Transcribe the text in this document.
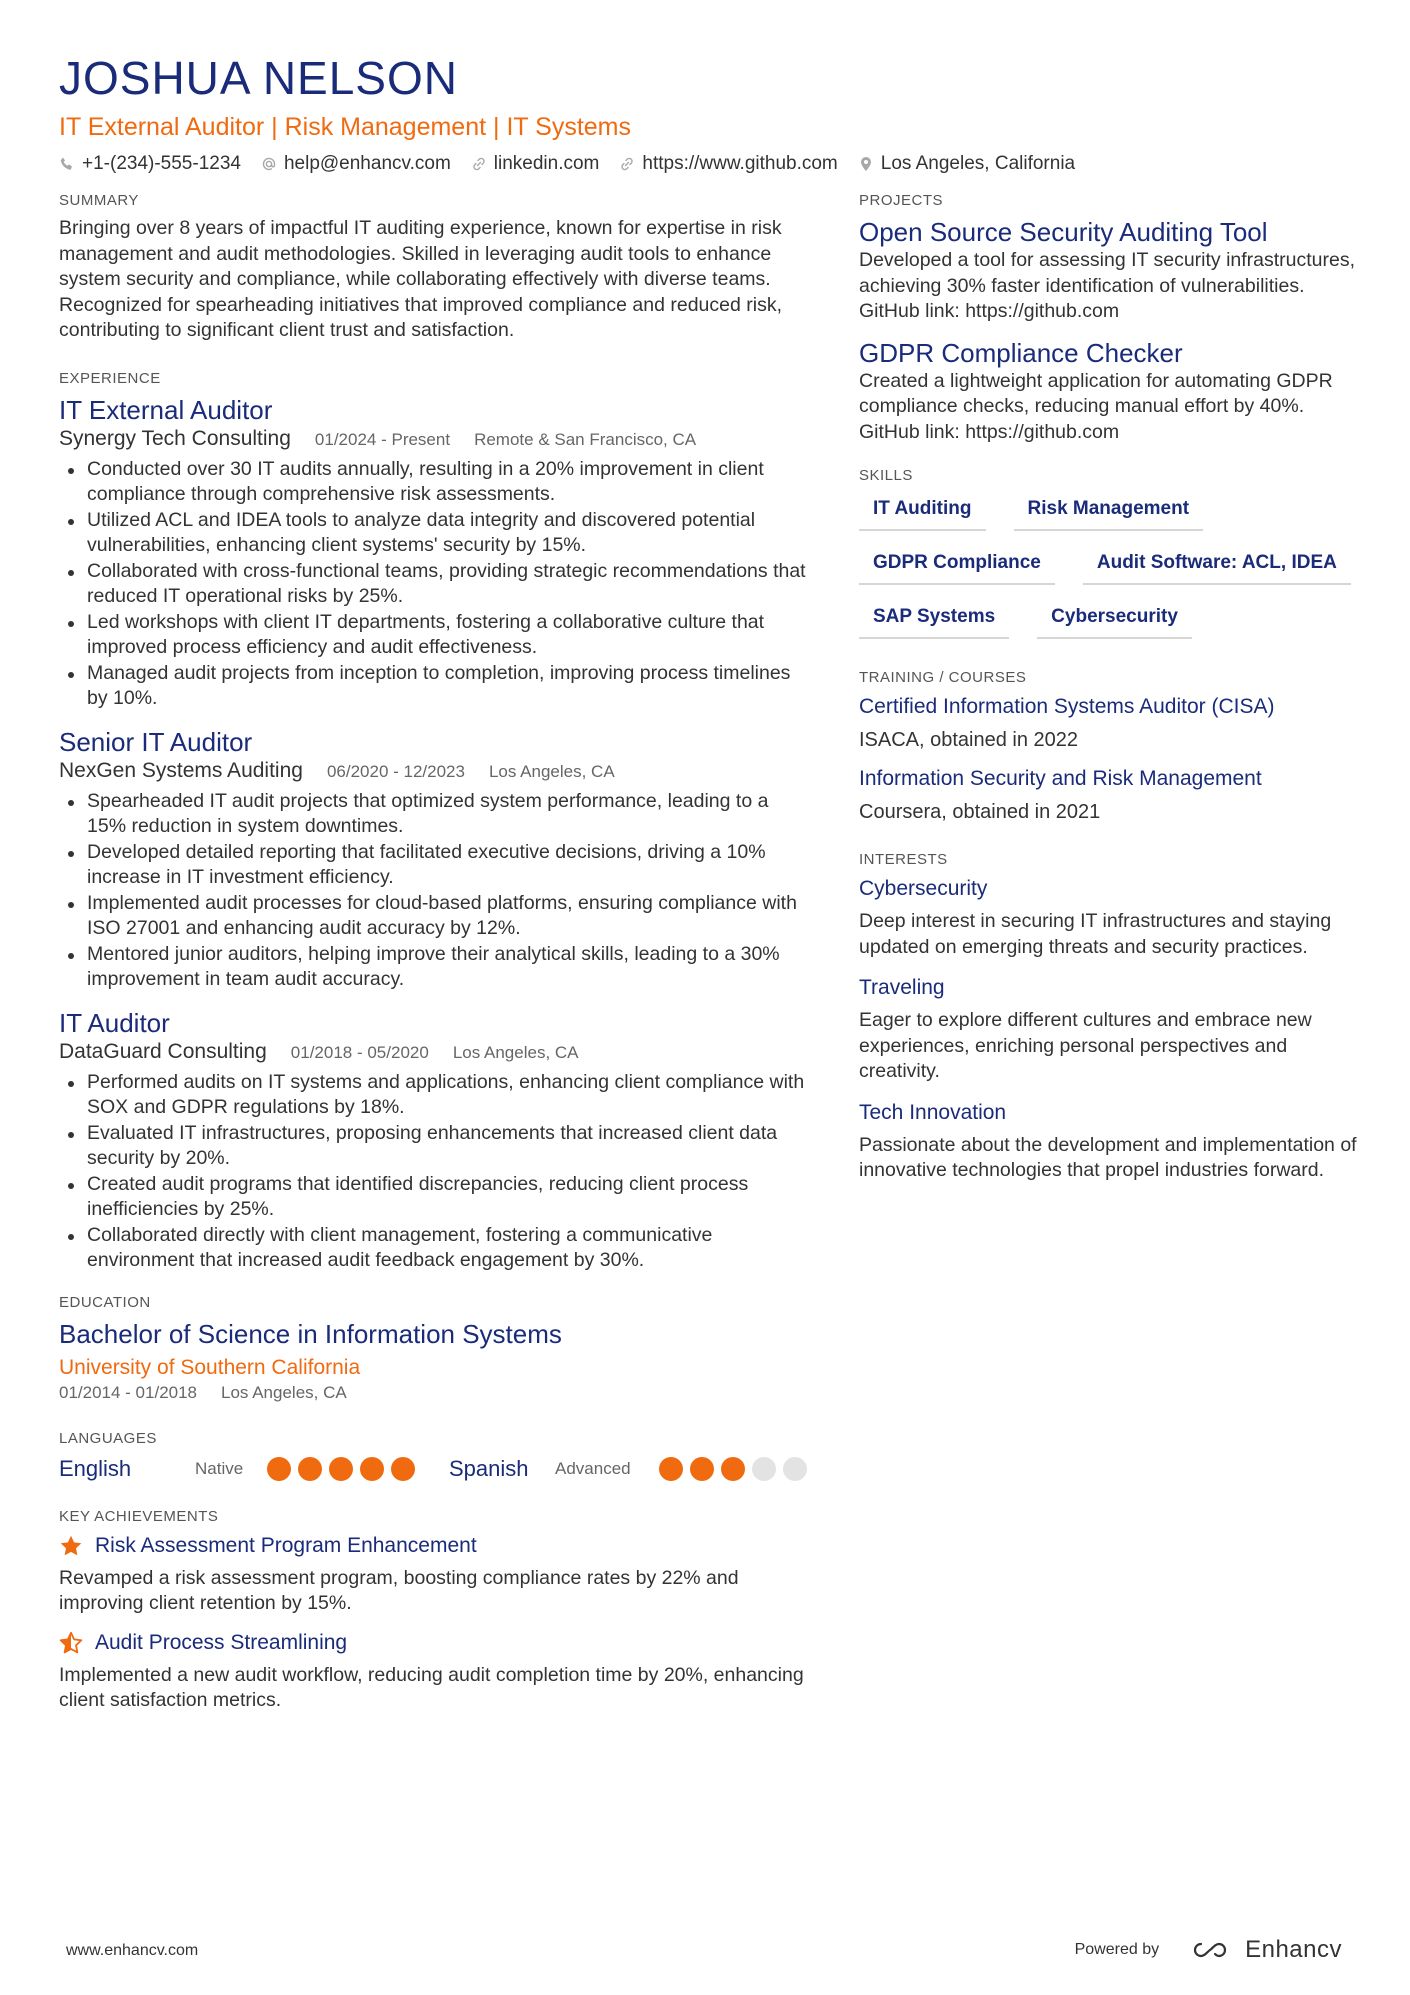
JOSHUA NELSON
IT External Auditor | Risk Management | IT Systems
+1-(234)-555-1234 help@enhancv.com linkedin.com https://www.github.com Los Angeles, California
SUMMARY
Bringing over 8 years of impactful IT auditing experience, known for expertise in risk management and audit methodologies. Skilled in leveraging audit tools to enhance system security and compliance, while collaborating effectively with diverse teams. Recognized for spearheading initiatives that improved compliance and reduced risk, contributing to significant client trust and satisfaction.
EXPERIENCE
IT External Auditor
Synergy Tech Consulting 01/2024 - Present Remote & San Francisco, CA
Conducted over 30 IT audits annually, resulting in a 20% improvement in client compliance through comprehensive risk assessments.
Utilized ACL and IDEA tools to analyze data integrity and discovered potential vulnerabilities, enhancing client systems' security by 15%.
Collaborated with cross-functional teams, providing strategic recommendations that reduced IT operational risks by 25%.
Led workshops with client IT departments, fostering a collaborative culture that improved process efficiency and audit effectiveness.
Managed audit projects from inception to completion, improving process timelines by 10%.
Senior IT Auditor
NexGen Systems Auditing 06/2020 - 12/2023 Los Angeles, CA
Spearheaded IT audit projects that optimized system performance, leading to a 15% reduction in system downtimes.
Developed detailed reporting that facilitated executive decisions, driving a 10% increase in IT investment efficiency.
Implemented audit processes for cloud-based platforms, ensuring compliance with ISO 27001 and enhancing audit accuracy by 12%.
Mentored junior auditors, helping improve their analytical skills, leading to a 30% improvement in team audit accuracy.
IT Auditor
DataGuard Consulting 01/2018 - 05/2020 Los Angeles, CA
Performed audits on IT systems and applications, enhancing client compliance with SOX and GDPR regulations by 18%.
Evaluated IT infrastructures, proposing enhancements that increased client data security by 20%.
Created audit programs that identified discrepancies, reducing client process inefficiencies by 25%.
Collaborated directly with client management, fostering a communicative environment that increased audit feedback engagement by 30%.
EDUCATION
Bachelor of Science in Information Systems
University of Southern California
01/2014 - 01/2018 Los Angeles, CA
LANGUAGES
English	Native	Spanish	Advanced
KEY ACHIEVEMENTS
Risk Assessment Program Enhancement
Revamped a risk assessment program, boosting compliance rates by 22% and improving client retention by 15%.
Audit Process Streamlining
Implemented a new audit workflow, reducing audit completion time by 20%, enhancing client satisfaction metrics.
PROJECTS
Open Source Security Auditing Tool
Developed a tool for assessing IT security infrastructures, achieving 30% faster identification of vulnerabilities. GitHub link: https://github.com
GDPR Compliance Checker
Created a lightweight application for automating GDPR compliance checks, reducing manual effort by 40%. GitHub link: https://github.com
SKILLS
IT Auditing	Risk Management
GDPR Compliance	Audit Software: ACL, IDEA
SAP Systems	Cybersecurity
TRAINING / COURSES
Certified Information Systems Auditor (CISA)
ISACA, obtained in 2022
Information Security and Risk Management
Coursera, obtained in 2021
INTERESTS
Cybersecurity
Deep interest in securing IT infrastructures and staying updated on emerging threats and security practices.
Traveling
Eager to explore different cultures and embrace new experiences, enriching personal perspectives and creativity.
Tech Innovation
Passionate about the development and implementation of innovative technologies that propel industries forward.
www.enhancv.com	Powered by	Enhancv
